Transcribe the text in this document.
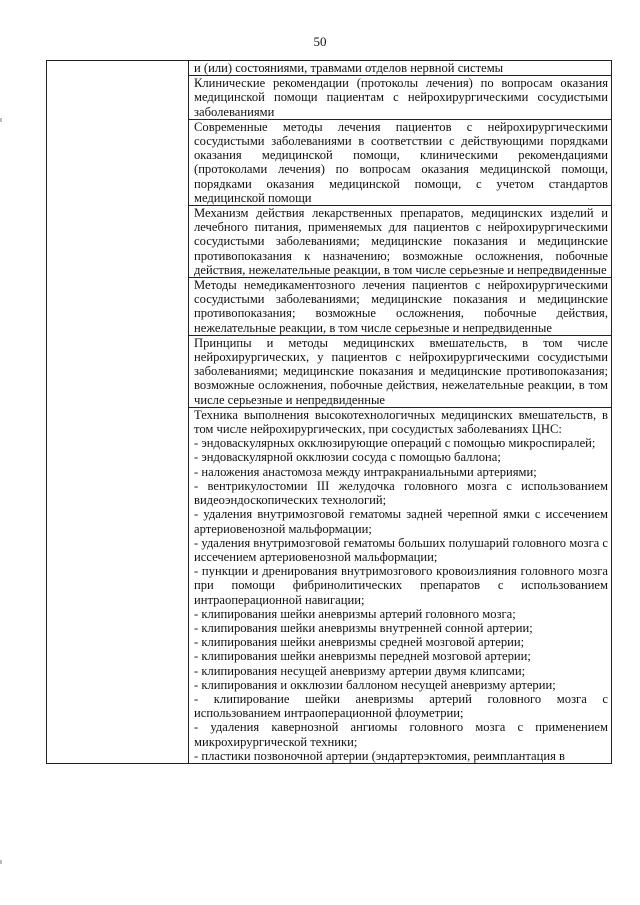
50

и (или) состояниями, травмами отделов нервной системы

Клинические рекомендации (протоколы лечения) по вопросам оказания медицинской помощи пациентам с нейрохирургическими сосудистыми заболеваниями

Современные методы лечения пациентов с нейрохирургическими сосудистыми заболеваниями в соответствии с действующими порядками оказания медицинской помощи, клиническими рекомендациями (протоколами лечения) по вопросам оказания медицинской помощи, порядками оказания медицинской помощи, с учетом стандартов медицинской помощи

Механизм действия лекарственных препаратов, медицинских изделий и лечебного питания, применяемых для пациентов с нейрохирургическими сосудистыми заболеваниями; медицинские показания и медицинские противопоказания к назначению; возможные осложнения, побочные действия, нежелательные реакции, в том числе серьезные и непредвиденные

Методы немедикаментозного лечения пациентов с нейрохирургическими сосудистыми заболеваниями; медицинские показания и медицинские противопоказания; возможные осложнения, побочные действия, нежелательные реакции, в том числе серьезные и непредвиденные

Принципы и методы медицинских вмешательств, в том числе нейрохирургических, у пациентов с нейрохирургическими сосудистыми заболеваниями; медицинские показания и медицинские противопоказания; возможные осложнения, побочные действия, нежелательные реакции, в том числе серьезные и непредвиденные

Техника выполнения высокотехнологичных медицинских вмешательств, в том числе нейрохирургических, при сосудистых заболеваниях ЦНС:
- эндоваскулярных окклюзирующие операций с помощью микроспиралей;
- эндоваскулярной окклюзии сосуда с помощью баллона;
- наложения анастомоза между интракраниальными артериями;
- вентрикулостомии III желудочка головного мозга с использованием видеоэндоскопических технологий;
- удаления внутримозговой гематомы задней черепной ямки с иссечением артериовенозной мальформации;
- удаления внутримозговой гематомы больших полушарий головного мозга с иссечением артериовенозной мальформации;
- пункции и дренирования внутримозгового кровоизлияния головного мозга при помощи фибринолитических препаратов с использованием интраоперационной навигации;
- клипирования шейки аневризмы артерий головного мозга;
- клипирования шейки аневризмы внутренней сонной артерии;
- клипирования шейки аневризмы средней мозговой артерии;
- клипирования шейки аневризмы передней мозговой артерии;
- клипирования несущей аневризму артерии двумя клипсами;
- клипирования и окклюзии баллоном несущей аневризму артерии;
- клипирование шейки аневризмы артерий головного мозга с использованием интраоперационной флоуметрии;
- удаления кавернозной ангиомы головного мозга с применением микрохирургической техники;
- пластики позвоночной артерии (эндартерэктомия, реимплантация в
